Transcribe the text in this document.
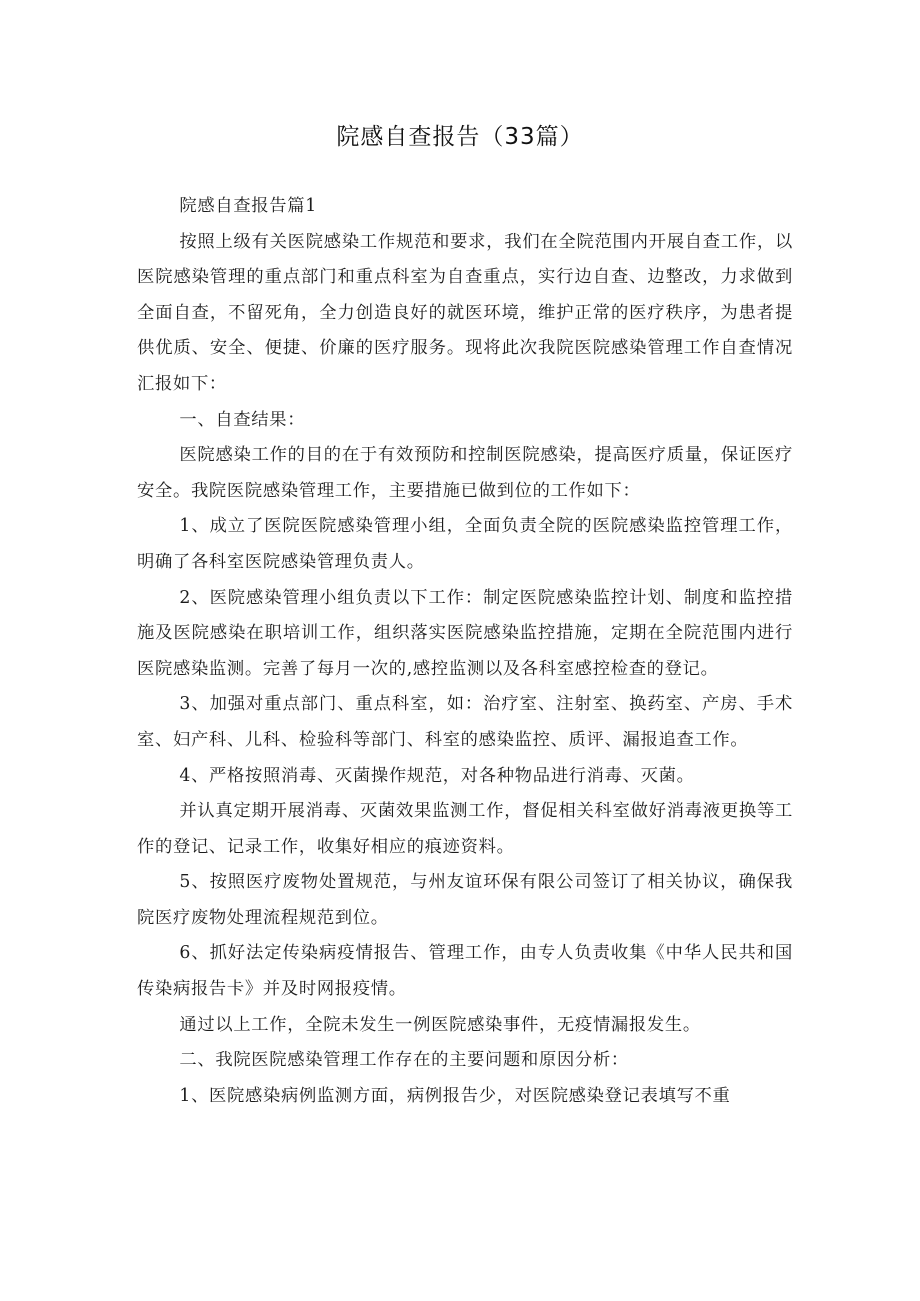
院感自查报告（33篇）

院感自查报告篇1

按照上级有关医院感染工作规范和要求，我们在全院范围内开展自查工作，以医院感染管理的重点部门和重点科室为自查重点，实行边自查、边整改，力求做到全面自查，不留死角，全力创造良好的就医环境，维护正常的医疗秩序，为患者提供优质、安全、便捷、价廉的医疗服务。现将此次我院医院感染管理工作自查情况汇报如下：

一、自查结果：

医院感染工作的目的在于有效预防和控制医院感染，提高医疗质量，保证医疗安全。我院医院感染管理工作，主要措施已做到位的工作如下：

1、成立了医院医院感染管理小组，全面负责全院的医院感染监控管理工作，明确了各科室医院感染管理负责人。

2、医院感染管理小组负责以下工作：制定医院感染监控计划、制度和监控措施及医院感染在职培训工作，组织落实医院感染监控措施，定期在全院范围内进行医院感染监测。完善了每月一次的,感控监测以及各科室感控检查的登记。

3、加强对重点部门、重点科室，如：治疗室、注射室、换药室、产房、手术室、妇产科、儿科、检验科等部门、科室的感染监控、质评、漏报追查工作。

4、严格按照消毒、灭菌操作规范，对各种物品进行消毒、灭菌。

并认真定期开展消毒、灭菌效果监测工作，督促相关科室做好消毒液更换等工作的登记、记录工作，收集好相应的痕迹资料。

5、按照医疗废物处置规范，与州友谊环保有限公司签订了相关协议，确保我院医疗废物处理流程规范到位。

6、抓好法定传染病疫情报告、管理工作，由专人负责收集《中华人民共和国传染病报告卡》并及时网报疫情。

通过以上工作，全院未发生一例医院感染事件，无疫情漏报发生。

二、我院医院感染管理工作存在的主要问题和原因分析：

1、医院感染病例监测方面，病例报告少，对医院感染登记表填写不重
